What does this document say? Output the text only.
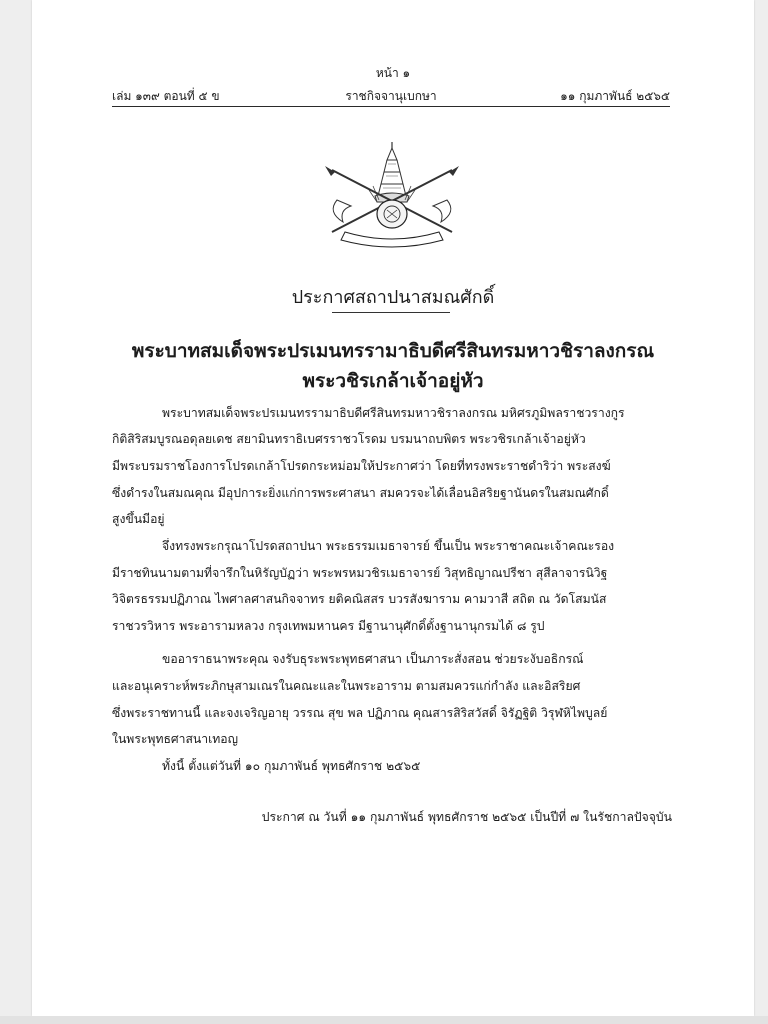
หน้า ๑
เล่ม ๑๓๙ ตอนที่ ๕ ข	ราชกิจจานุเบกษา	๑๑ กุมภาพันธ์ ๒๕๖๕
ประกาศสถาปนาสมณศักดิ์
พระบาทสมเด็จพระปรเมนทรรามาธิบดีศรีสินทรมหาวชิราลงกรณ
พระวชิรเกล้าเจ้าอยู่หัว
พระบาทสมเด็จพระปรเมนทรรามาธิบดีศรีสินทรมหาวชิราลงกรณ มหิศรภูมิพลราชวรางกูร
กิติสิริสมบูรณอดุลยเดช สยามินทราธิเบศรราชวโรดม บรมนาถบพิตร พระวชิรเกล้าเจ้าอยู่หัว
มีพระบรมราชโองการโปรดเกล้าโปรดกระหม่อมให้ประกาศว่า โดยที่ทรงพระราชดำริว่า พระสงฆ์
ซึ่งดำรงในสมณคุณ มีอุปการะยิ่งแก่การพระศาสนา สมควรจะได้เลื่อนอิสริยฐานันดรในสมณศักดิ์
สูงขึ้นมีอยู่
จึ่งทรงพระกรุณาโปรดสถาปนา พระธรรมเมธาจารย์ ขึ้นเป็น พระราชาคณะเจ้าคณะรอง
มีราชทินนามตามที่จารึกในหิรัญบัฏว่า พระพรหมวชิรเมธาจารย์ วิสุทธิญาณปรีชา สุสีลาจารนิวิฐ
วิจิตรธรรมปฏิภาณ ไพศาลศาสนกิจจาทร ยติคณิสสร บวรสังฆาราม คามวาสี สถิต ณ วัดโสมนัส
ราชวรวิหาร พระอารามหลวง กรุงเทพมหานคร มีฐานานุศักดิ์ตั้งฐานานุกรมได้ ๘ รูป
ขออาราธนาพระคุณ จงรับธุระพระพุทธศาสนา เป็นภาระสั่งสอน ช่วยระงับอธิกรณ์
และอนุเคราะห์พระภิกษุสามเณรในคณะและในพระอาราม ตามสมควรแก่กำลัง และอิสริยศ
ซึ่งพระราชทานนี้ และจงเจริญอายุ วรรณ สุข พล ปฏิภาณ คุณสารสิริสวัสดิ์ จิรัฏฐิติ วิรุฬหิไพบูลย์
ในพระพุทธศาสนาเทอญ
ทั้งนี้ ตั้งแต่วันที่ ๑๐ กุมภาพันธ์ พุทธศักราช ๒๕๖๕
ประกาศ ณ วันที่ ๑๑ กุมภาพันธ์ พุทธศักราช ๒๕๖๕ เป็นปีที่ ๗ ในรัชกาลปัจจุบัน
